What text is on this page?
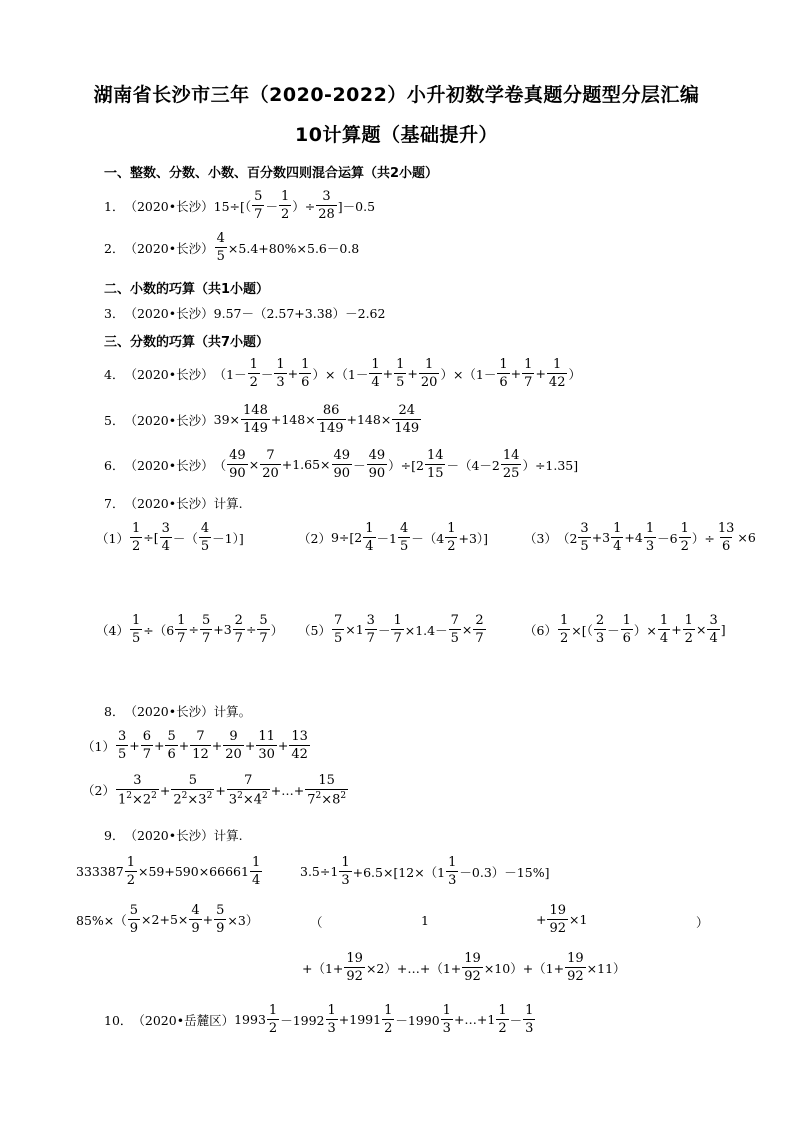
湖南省长沙市三年（2020-2022）小升初数学卷真题分题型分层汇编
10计算题（基础提升）
一、整数、分数、小数、百分数四则混合运算（共2小题）
1． （2020•长沙） $15\div[( \frac{5}{7} - \frac{1}{2}$ ）÷ $\frac{3}{28} ]-0.5$
2． （2020•长沙） $\frac{4}{5} \times 5.4+80\%\times 5.6-0.8$
二、小数的巧算（共1小题）
3． （2020•长沙） 9.57－（2.57+3.38）－2.62
三、分数的巧算（共7小题）
4． （2020•长沙） $(1- \frac{1}{2} - \frac{1}{3} + \frac{1}{6} )\times(1- \frac{1}{4} + \frac{1}{5} + \frac{1}{20} )\times(1- \frac{1}{6} + \frac{1}{7} + \frac{1}{42}$ ）
5． （2020•长沙） $39\times \frac{148}{149} +148\times \frac{86}{149} +148\times \frac{24}{149}$
6． （2020•长沙） （ $\frac{49}{90} \times \frac{7}{20} +1.65\times \frac{49}{90} - \frac{49}{90} )\div[2 \frac{14}{15} -(4-2 \frac{14}{25} )\div 1.35]$
7． （2020•长沙） 计算.
$(1) \frac{1}{2}$ ÷[ $\frac{3}{4}$ －（ $\frac{4}{5} -1$）]	（2） $9\div[2 \frac{1}{4} -1 \frac{4}{5} -(4 \frac{1}{2} +3)]$	（3） （$2 \frac{3}{5} +3 \frac{1}{4} +4 \frac{1}{3} -6 \frac{1}{2}$ ）÷ $\frac{13}{6} \times 6$
$(4) \frac{1}{5} \div(6 \frac{1}{7} \div \frac{5}{7} +3 \frac{2}{7} \div \frac{5}{7}$ ） $(5) \frac{7}{5} \times 1 \frac{3}{7} - \frac{1}{7} \times 1.4- \frac{7}{5} \times \frac{2}{7}$	$(6) \frac{1}{2}$ ×[（ $\frac{2}{3} - \frac{1}{6}$ ）× $\frac{1}{4} + \frac{1}{2} \times \frac{3}{4}$ ]
8． （2020•长沙） 计算。
$(1) \frac{3}{5} + \frac{6}{7} + \frac{5}{6} + \frac{7}{12} + \frac{9}{20} + \frac{11}{30} + \frac{13}{42}$
$(2) \frac{3}{1^2\times 2^2} + \frac{5}{2^2\times 3^2} + \frac{7}{3^2\times 4^2}$ +…+ $\frac{15}{7^2\times 8^2}$
9． （2020•长沙） 计算.
$333387 \frac{1}{2} \times 59+590\times 66661 \frac{1}{4}$	$3.5\div 1 \frac{1}{3} +6.5\times[12\times(1 \frac{1}{3} -0.3)-15\%]$
$85\%\times( \frac{5}{9} \times 2+5\times \frac{4}{9} + \frac{5}{9} \times 3)$	（	1	+ $\frac{19}{92} \times 1$	）
$+(1+ \frac{19}{92}$ ×2）+…+（1+ $\frac{19}{92} \times 10)+(1+ \frac{19}{92} \times 11)$
10． （2020•岳麓区） $1993 \frac{1}{2} -1992 \frac{1}{3} +1991 \frac{1}{2} -1990 \frac{1}{3}$ +…+1 $\frac{1}{2} - \frac{1}{3}$
